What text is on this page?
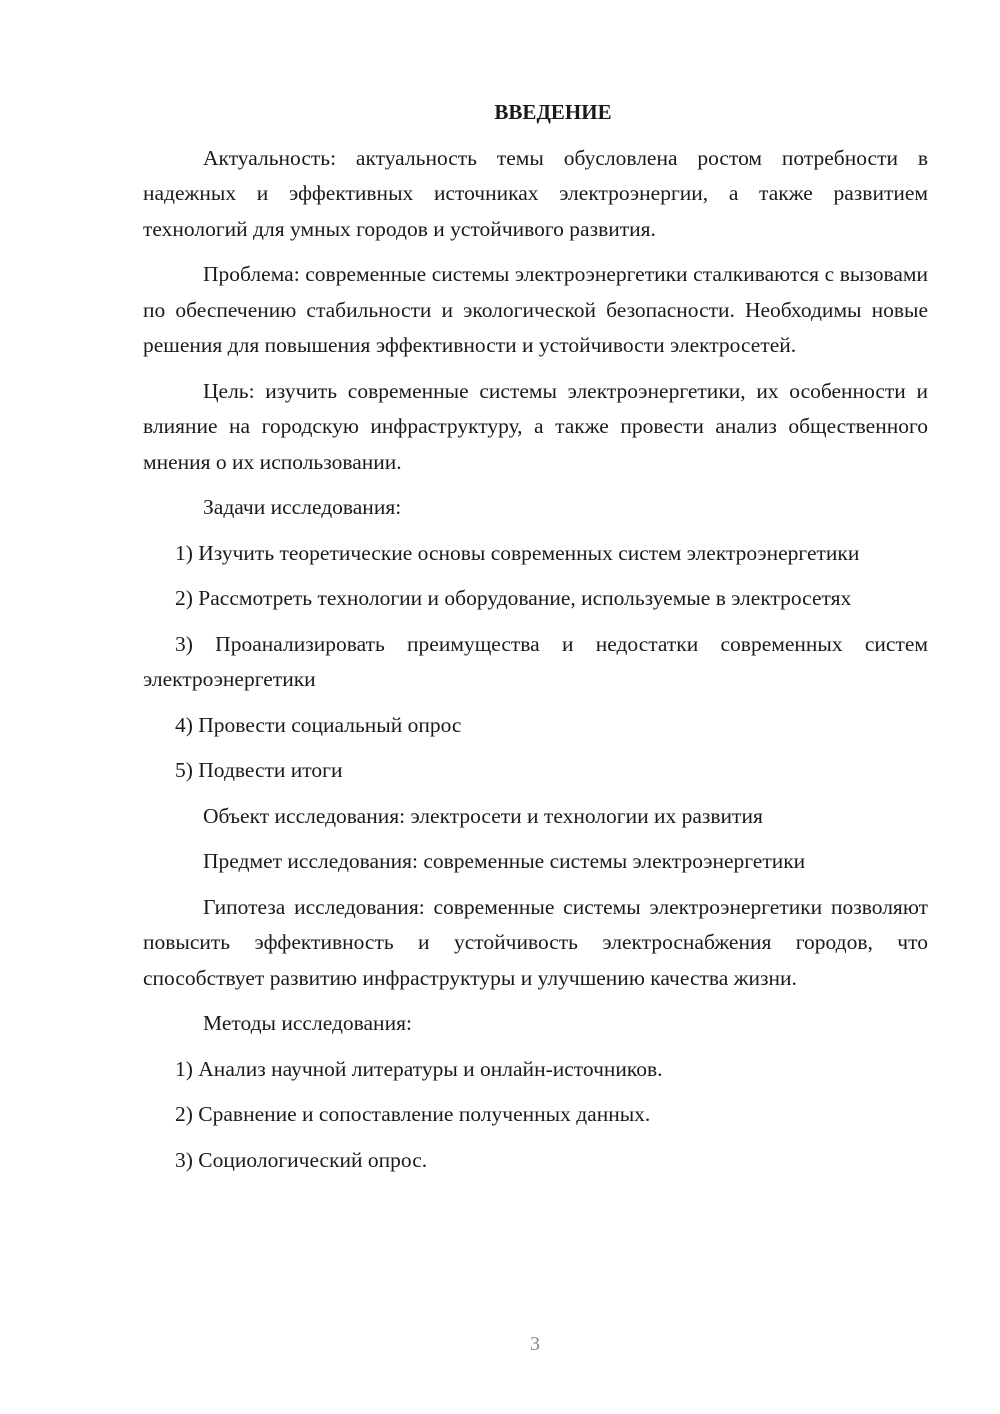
ВВЕДЕНИЕ

Актуальность: актуальность темы обусловлена ростом потребности в надежных и эффективных источниках электроэнергии, а также развитием технологий для умных городов и устойчивого развития.

Проблема: современные системы электроэнергетики сталкиваются с вызовами по обеспечению стабильности и экологической безопасности. Необходимы новые решения для повышения эффективности и устойчивости электросетей.

Цель: изучить современные системы электроэнергетики, их особенности и влияние на городскую инфраструктуру, а также провести анализ общественного мнения о их использовании.

Задачи исследования:

1) Изучить теоретические основы современных систем электроэнергетики

2) Рассмотреть технологии и оборудование, используемые в электросетях

3) Проанализировать преимущества и недостатки современных систем электроэнергетики

4) Провести социальный опрос

5) Подвести итоги

Объект исследования: электросети и технологии их развития

Предмет исследования: современные системы электроэнергетики

Гипотеза исследования: современные системы электроэнергетики позволяют повысить эффективность и устойчивость электроснабжения городов, что способствует развитию инфраструктуры и улучшению качества жизни.

Методы исследования:

1) Анализ научной литературы и онлайн-источников.

2) Сравнение и сопоставление полученных данных.

3) Социологический опрос.

3
